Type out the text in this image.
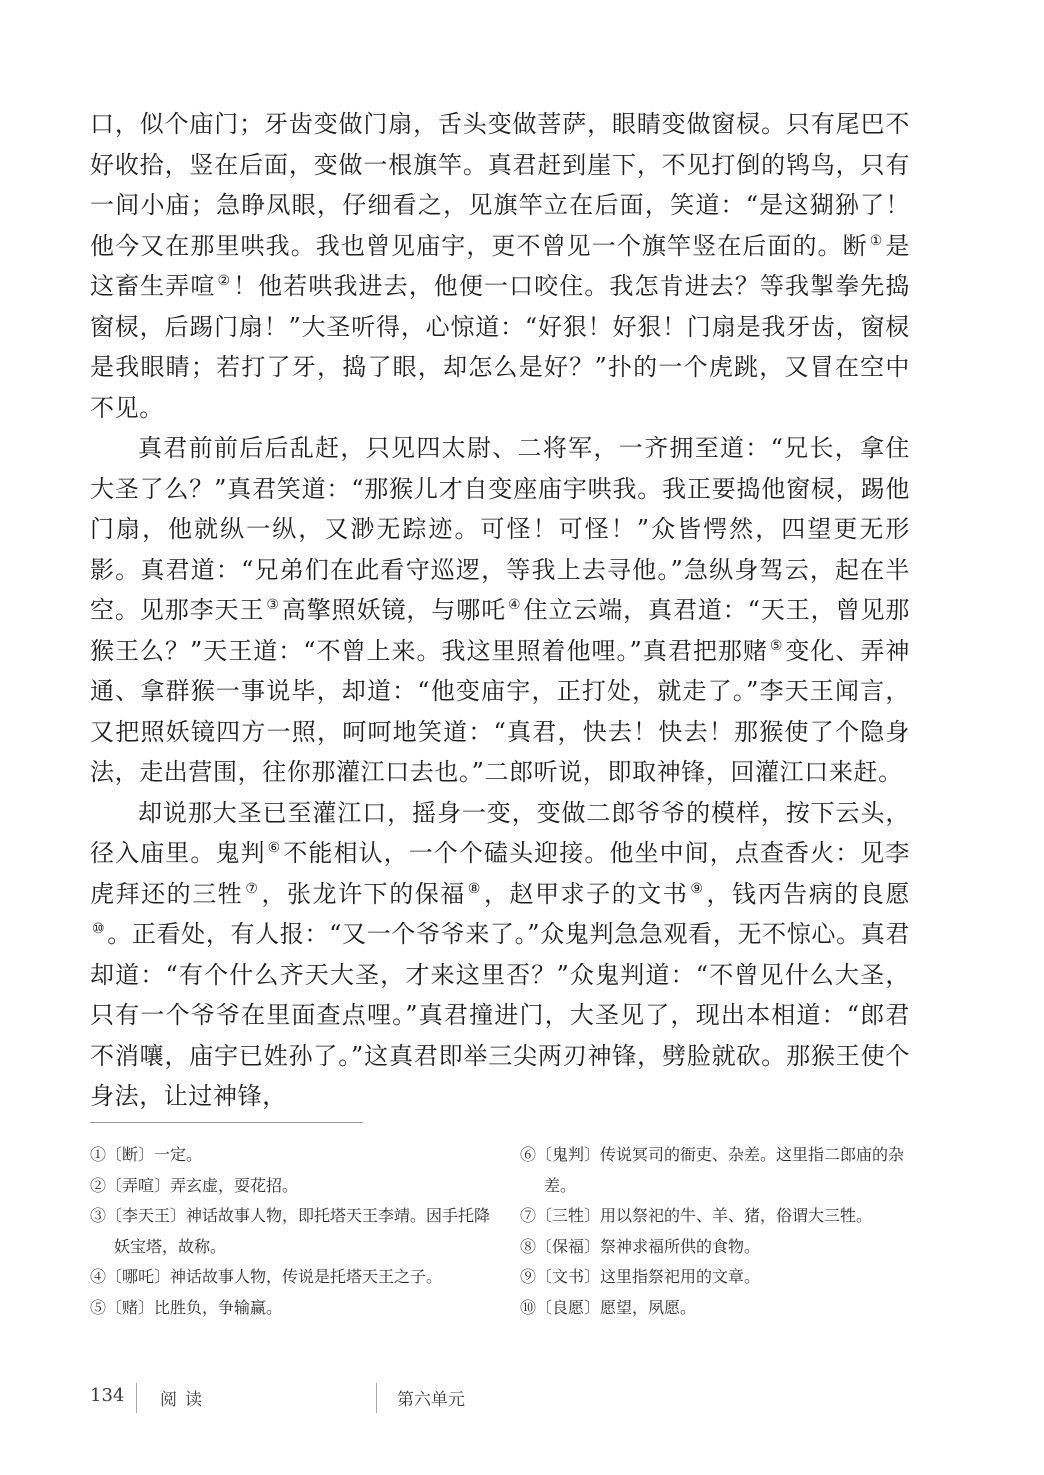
口，似个庙门；牙齿变做门扇，舌头变做菩萨，眼睛变做窗棂。只有尾巴不好收拾，竖在后面，变做一根旗竿。真君赶到崖下，不见打倒的鸨鸟，只有一间小庙；急睁凤眼，仔细看之，见旗竿立在后面，笑道：“是这猢狲了！他今又在那里哄我。我也曾见庙宇，更不曾见一个旗竿竖在后面的。断 ①是这畜生弄喧 ②！他若哄我进去，他便一口咬住。我怎肯进去？等我掣拳先捣窗棂，后踢门扇！”大圣听得，心惊道：“好狠！好狠！门扇是我牙齿，窗棂是我眼睛；若打了牙，捣了眼，却怎么是好？”扑的一个虎跳，又冒在空中不见。

真君前前后后乱赶，只见四太尉、二将军，一齐拥至道：“兄长，拿住大圣了么？”真君笑道：“那猴儿才自变座庙宇哄我。我正要捣他窗棂，踢他门扇，他就纵一纵，又渺无踪迹。可怪！可怪！”众皆愕然，四望更无形影。真君道：“兄弟们在此看守巡逻，等我上去寻他。”急纵身驾云，起在半空。见那李天王 ③高擎照妖镜，与哪吒 ④住立云端，真君道：“天王，曾见那猴王么？”天王道：“不曾上来。我这里照着他哩。”真君把那赌 ⑤变化、弄神通、拿群猴一事说毕，却道：“他变庙宇，正打处，就走了。”李天王闻言，又把照妖镜四方一照，呵呵地笑道：“真君，快去！快去！那猴使了个隐身法，走出营围，往你那灌江口去也。”二郎听说，即取神锋，回灌江口来赶。

却说那大圣已至灌江口，摇身一变，变做二郎爷爷的模样，按下云头，径入庙里。鬼判 ⑥不能相认，一个个磕头迎接。他坐中间，点查香火：见李虎拜还的三牲 ⑦，张龙许下的保福 ⑧，赵甲求子的文书 ⑨，钱丙告病的良愿⑩。正看处，有人报：“又一个爷爷来了。”众鬼判急急观看，无不惊心。真君却道：“有个什么齐天大圣，才来这里否？”众鬼判道：“不曾见什么大圣，只有一个爷爷在里面查点哩。”真君撞进门，大圣见了，现出本相道：“郎君不消嚷，庙宇已姓孙了。”这真君即举三尖两刃神锋，劈脸就砍。那猴王使个身法，让过神锋，

①〔断〕一定。

②〔弄喧〕弄玄虚，耍花招。

③〔李天王〕神话故事人物，即托塔天王李靖。因手托降妖宝塔，故称。

④〔哪吒〕神话故事人物，传说是托塔天王之子。

⑤〔赌〕比胜负，争输赢。

⑥〔鬼判〕传说冥司的衙吏、杂差。这里指二郎庙的杂差。

⑦〔三牲〕用以祭祀的牛、羊、猪，俗谓大三牲。

⑧〔保福〕祭神求福所供的食物。

⑨〔文书〕这里指祭祀用的文章。

⑩〔良愿〕愿望，夙愿。

134 阅读	第六单元
